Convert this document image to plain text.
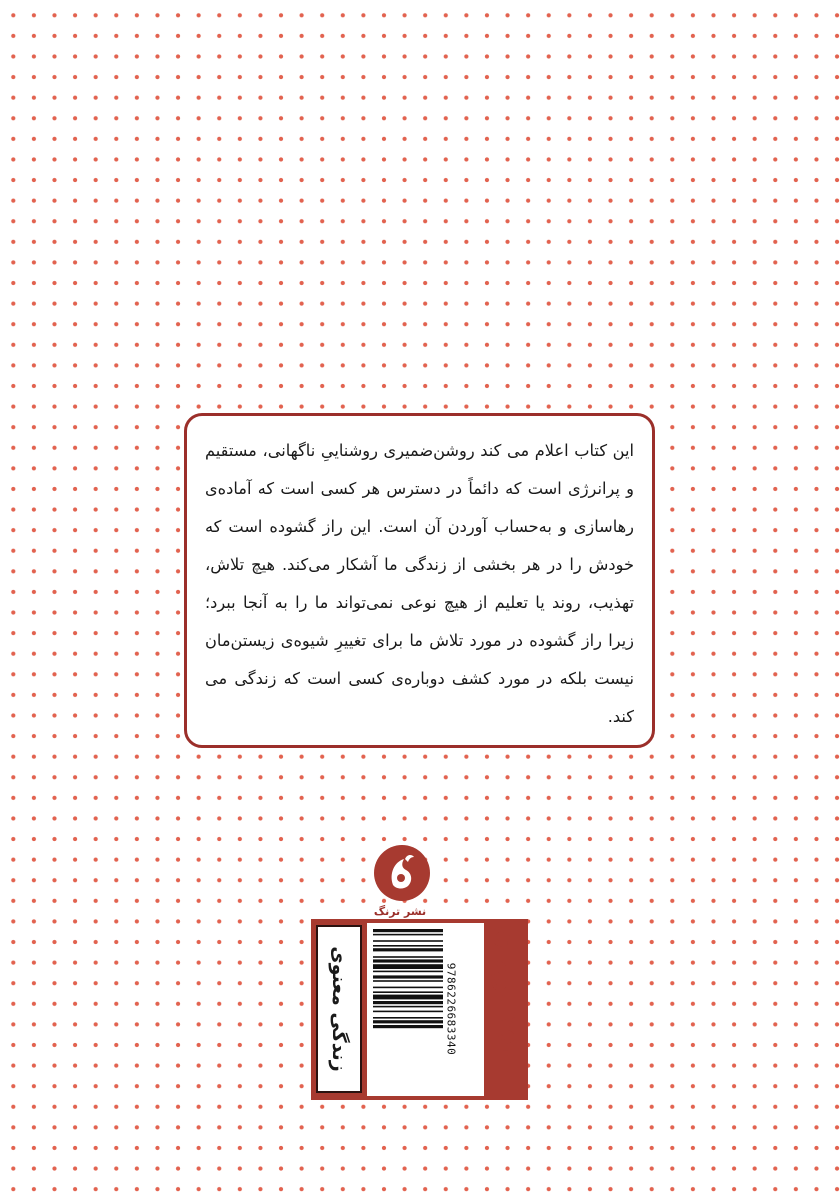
این کتاب اعلام می کند روشن‌ضمیری روشناییِ ناگهانی، مستقیم و پرانرژی است که دائماً در دسترس هر کسی است که آماده‌ی رهاسازی و به‌حساب آوردن آن است. این راز گشوده است که خودش را در هر بخشی از زندگی ما آشکار می‌کند. هیچ تلاش، تهذیب، روند یا تعلیم از هیچ نوعی نمی‌تواند ما را به آنجا ببرد؛ زیرا راز گشوده در مورد تلاش ما برای تغییرِ شیوه‌ی زیستن‌مان نیست بلکه در مورد کشف دوباره‌ی کسی است که زندگی می کند.

نشر ترنگ
زندگی معنوی	9786226683340 ۲۵۰۰۰ تومان
